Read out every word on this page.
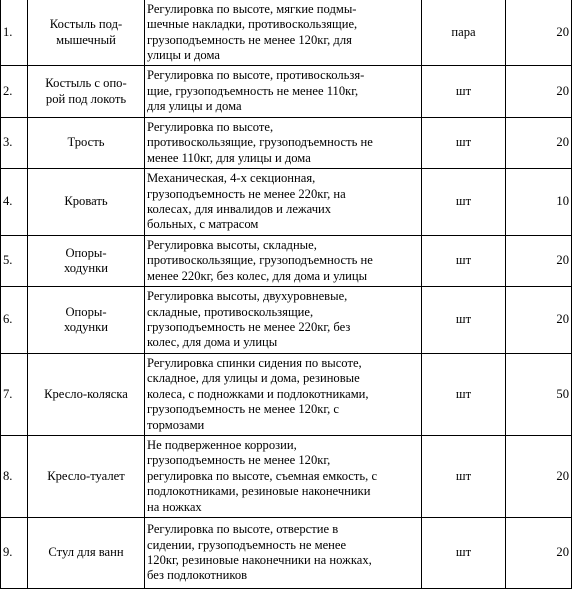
1.	Костыль под-
мышечный	Регулировка по высоте, мягкие подмы-
шечные накладки, противоскользящие,
грузоподъемность не менее 120кг, для
улицы и дома	пара	20	
2.	Костыль с опо-
рой под локоть	Регулировка по высоте, противоскользя-
щие, грузоподъемность не менее 110кг,
для улицы и дома	шт	20	
3.	Трость	Регулировка по высоте,
противоскользящие, грузоподъемность не
менее 110кг, для улицы и дома	шт	20	
4.	Кровать	Механическая, 4-х секционная,
грузоподъемность не менее 220кг, на
колесах, для инвалидов и лежачих
больных, с матрасом	шт	10	
5.	Опоры-
ходунки	Регулировка высоты, складные,
противоскользящие, грузоподъемность не
менее 220кг, без колес, для дома и улицы	шт	20	
6.	Опоры-
ходунки	Регулировка высоты, двухуровневые,
складные, противоскользящие,
грузоподъемность не менее 220кг, без
колес, для дома и улицы	шт	20	
7.	Кресло-коляска	Регулировка спинки сидения по высоте,
складное, для улицы и дома, резиновые
колеса, с подножками и подлокотниками,
грузоподъемность не менее 120кг, с
тормозами	шт	50	
8.	Кресло-туалет	Не подверженное коррозии,
грузоподъемность не менее 120кг,
регулировка по высоте, съемная емкость, с
подлокотниками, резиновые наконечники
на ножках	шт	20	
9.	Стул для ванн	Регулировка по высоте, отверстие в
сидении, грузоподъемность не менее
120кг, резиновые наконечники на ножках,
без подлокотников	шт	20	
